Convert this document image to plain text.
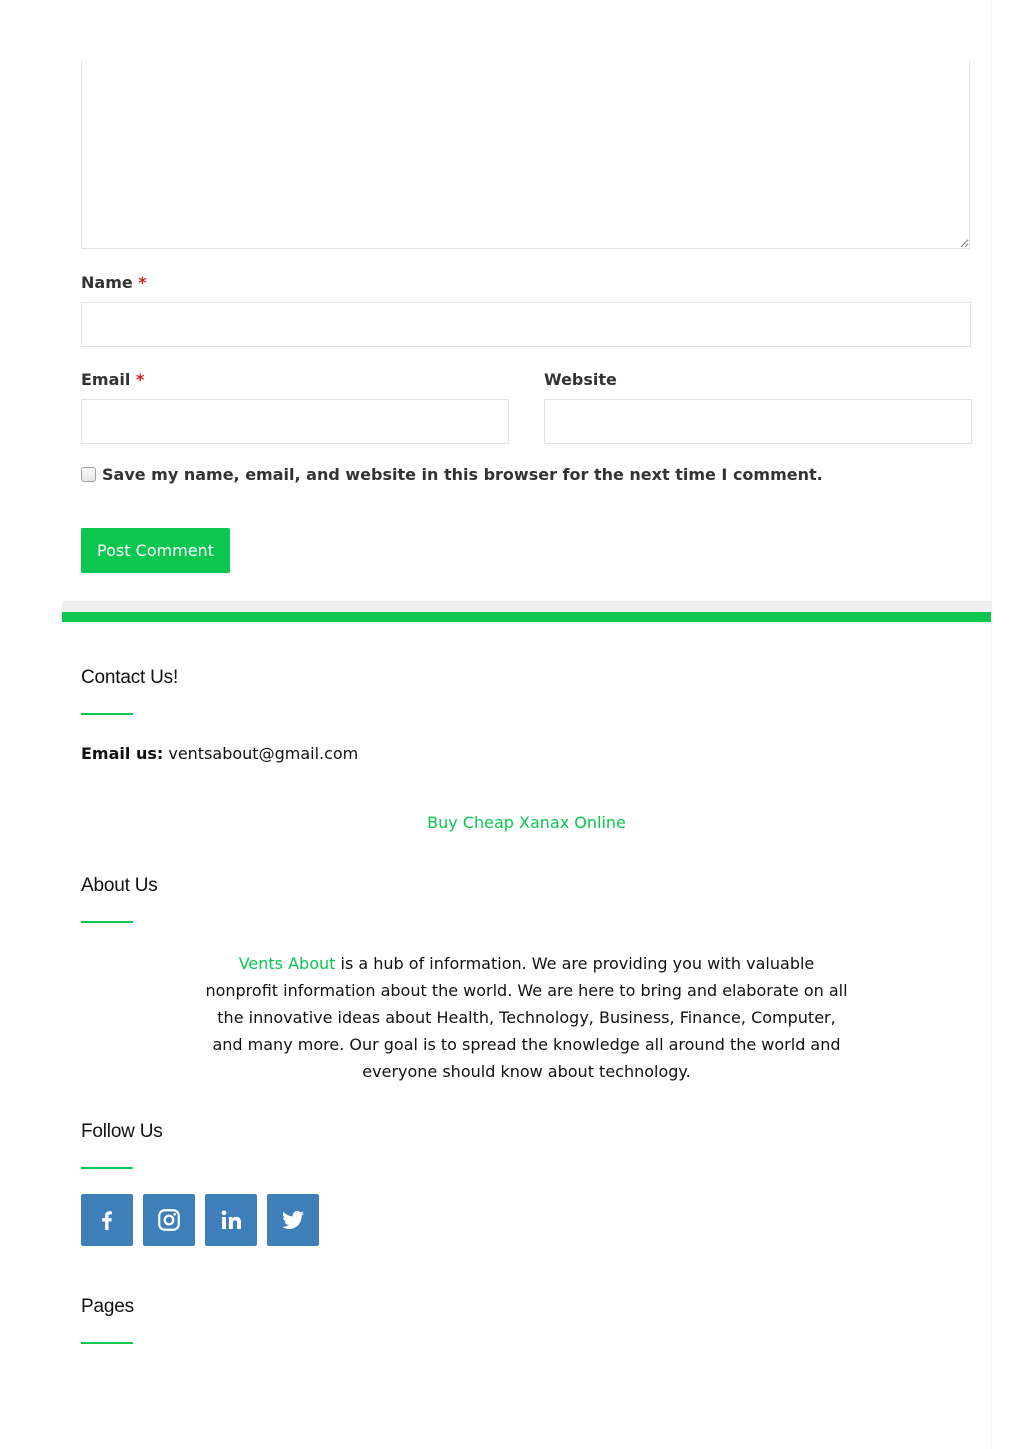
Name *
Email *	Website
Save my name, email, and website in this browser for the next time I comment.
Post Comment
Contact Us!
Email us: ventsabout@gmail.com
Buy Cheap Xanax Online
About Us
Vents About is a hub of information. We are providing you with valuable nonprofit information about the world. We are here to bring and elaborate on all the innovative ideas about Health, Technology, Business, Finance, Computer, and many more. Our goal is to spread the knowledge all around the world and everyone should know about technology.
Follow Us
Pages
